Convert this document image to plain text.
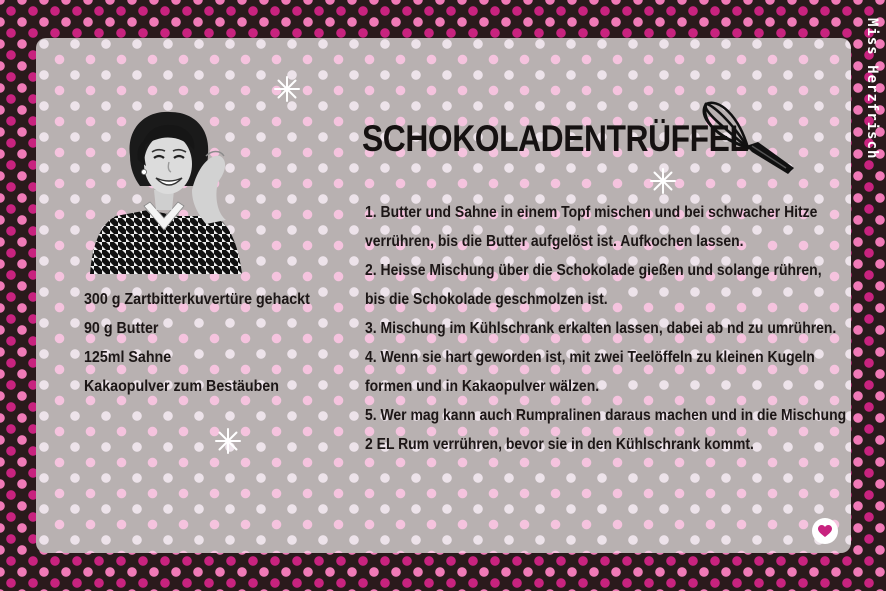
Miss Herzfrisch
300 g Zartbitterkuvertüre gehackt
90 g Butter
125ml Sahne
Kakaopulver zum Bestäuben
SCHOKOLADENTRÜFFEL
1. Butter und Sahne in einem Topf mischen und bei schwacher Hitze
verrühren, bis die Butter aufgelöst ist. Aufkochen lassen.
2. Heisse Mischung über die Schokolade gießen und solange rühren,
bis die Schokolade geschmolzen ist.
3. Mischung im Kühlschrank erkalten lassen, dabei ab nd zu umrühren.
4. Wenn sie hart geworden ist, mit zwei Teelöffeln zu kleinen Kugeln
formen und in Kakaopulver wälzen.
5. Wer mag kann auch Rumpralinen daraus machen und in die Mischung
2 EL Rum verrühren, bevor sie in den Kühlschrank kommt.
